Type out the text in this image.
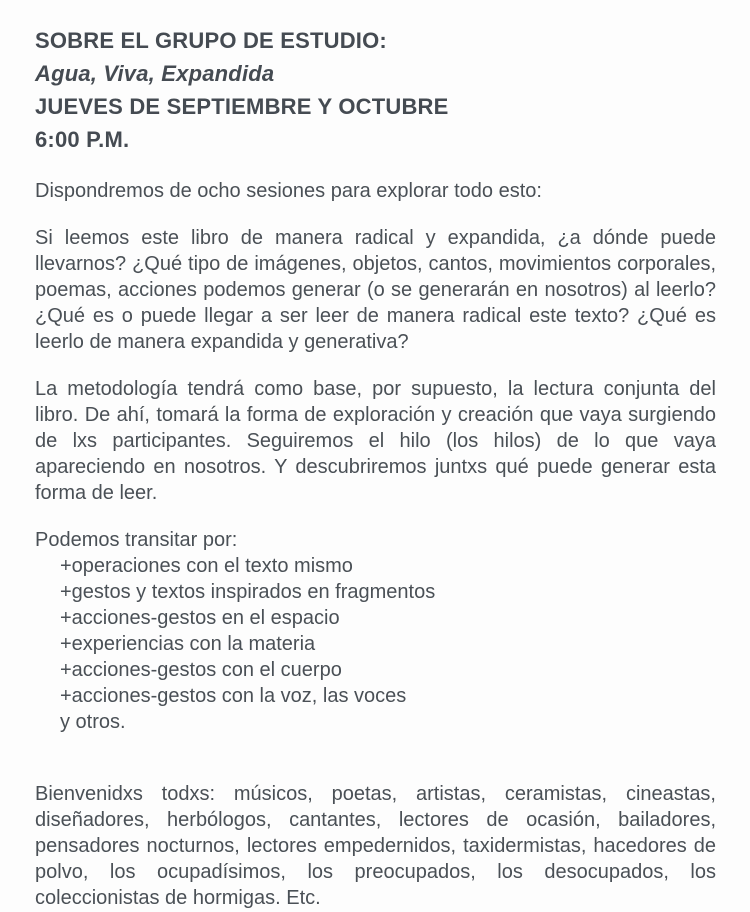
SOBRE EL GRUPO DE ESTUDIO:
Agua, Viva, Expandida
JUEVES DE SEPTIEMBRE Y OCTUBRE
6:00 P.M.
Dispondremos de ocho sesiones para explorar todo esto:
Si leemos este libro de manera radical y expandida, ¿a dónde puede llevarnos? ¿Qué tipo de imágenes, objetos, cantos, movimientos corporales, poemas, acciones podemos generar (o se generarán en nosotros) al leerlo? ¿Qué es o puede llegar a ser leer de manera radical este texto? ¿Qué es leerlo de manera expandida y generativa?
La metodología tendrá como base, por supuesto, la lectura conjunta del libro. De ahí, tomará la forma de exploración y creación que vaya surgiendo de lxs participantes. Seguiremos el hilo (los hilos) de lo que vaya apareciendo en nosotros. Y descubriremos juntxs qué puede generar esta forma de leer.
Podemos transitar por:
+operaciones con el texto mismo
+gestos y textos inspirados en fragmentos
+acciones-gestos en el espacio
+experiencias con la materia
+acciones-gestos con el cuerpo
+acciones-gestos con la voz, las voces
y otros.
Bienvenidxs todxs: músicos, poetas, artistas, ceramistas, cineastas, diseñadores, herbólogos, cantantes, lectores de ocasión, bailadores, pensadores nocturnos, lectores empedernidos, taxidermistas, hacedores de polvo, los ocupadísimos, los preocupados, los desocupados, los coleccionistas de hormigas. Etc.
